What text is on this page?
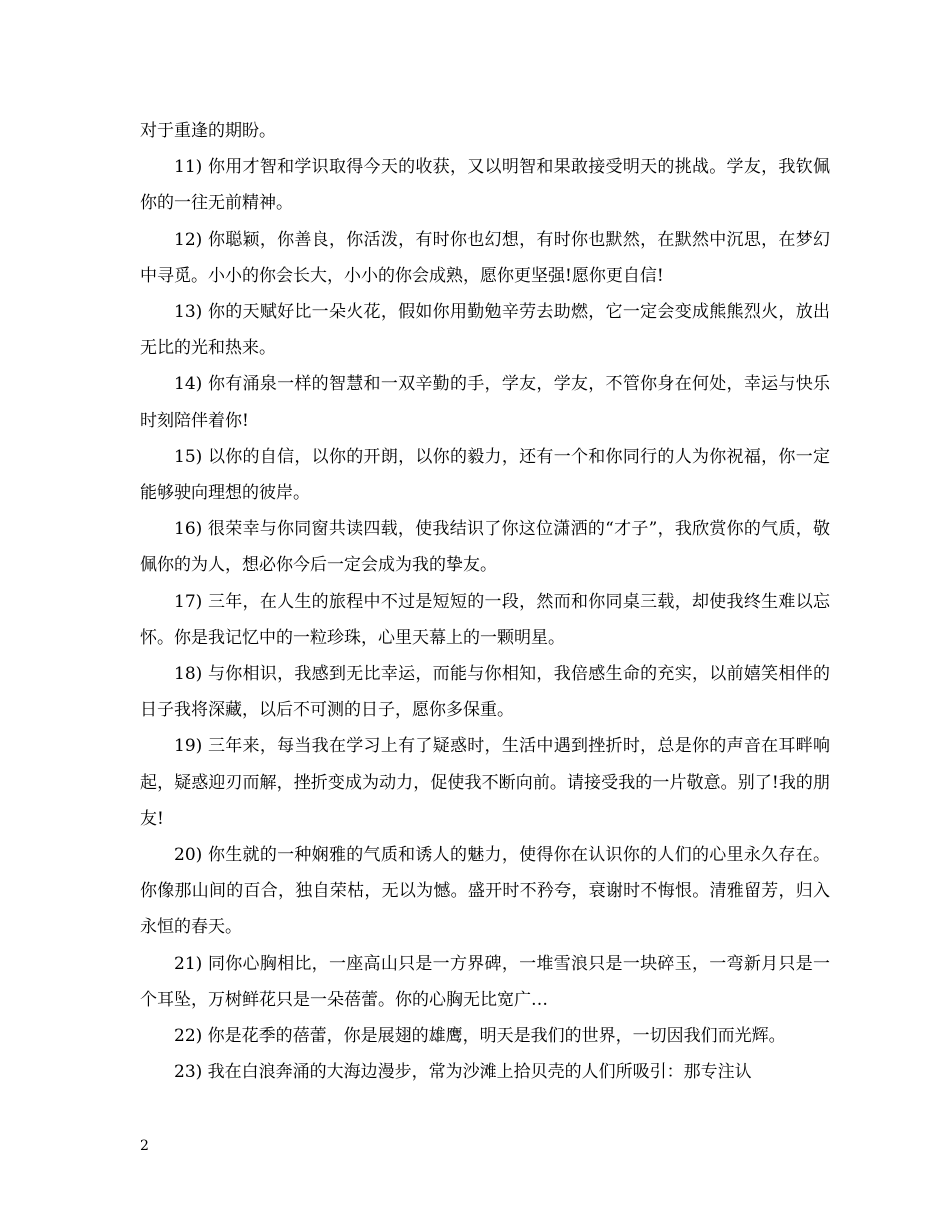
对于重逢的期盼。

11) 你用才智和学识取得今天的收获，又以明智和果敢接受明天的挑战。学友，我钦佩你的一往无前精神。

12) 你聪颖，你善良，你活泼，有时你也幻想，有时你也默然，在默然中沉思，在梦幻中寻觅。小小的你会长大，小小的你会成熟，愿你更坚强!愿你更自信!

13) 你的天赋好比一朵火花，假如你用勤勉辛劳去助燃，它一定会变成熊熊烈火，放出无比的光和热来。

14) 你有涌泉一样的智慧和一双辛勤的手，学友，学友，不管你身在何处，幸运与快乐时刻陪伴着你!

15) 以你的自信，以你的开朗，以你的毅力，还有一个和你同行的人为你祝福，你一定能够驶向理想的彼岸。

16) 很荣幸与你同窗共读四载，使我结识了你这位潇洒的“才子”，我欣赏你的气质，敬佩你的为人，想必你今后一定会成为我的挚友。

17) 三年，在人生的旅程中不过是短短的一段，然而和你同桌三载，却使我终生难以忘怀。你是我记忆中的一粒珍珠，心里天幕上的一颗明星。

18) 与你相识，我感到无比幸运，而能与你相知，我倍感生命的充实，以前嬉笑相伴的日子我将深藏，以后不可测的日子，愿你多保重。

19) 三年来，每当我在学习上有了疑惑时，生活中遇到挫折时，总是你的声音在耳畔响起，疑惑迎刃而解，挫折变成为动力，促使我不断向前。请接受我的一片敬意。别了!我的朋友!

20) 你生就的一种娴雅的气质和诱人的魅力，使得你在认识你的人们的心里永久存在。你像那山间的百合，独自荣枯，无以为憾。盛开时不矜夸，衰谢时不悔恨。清雅留芳，归入永恒的春天。

21) 同你心胸相比，一座高山只是一方界碑，一堆雪浪只是一块碎玉，一弯新月只是一个耳坠，万树鲜花只是一朵蓓蕾。你的心胸无比宽广…

22) 你是花季的蓓蕾，你是展翅的雄鹰，明天是我们的世界，一切因我们而光辉。

23) 我在白浪奔涌的大海边漫步，常为沙滩上拾贝壳的人们所吸引：那专注认

2
